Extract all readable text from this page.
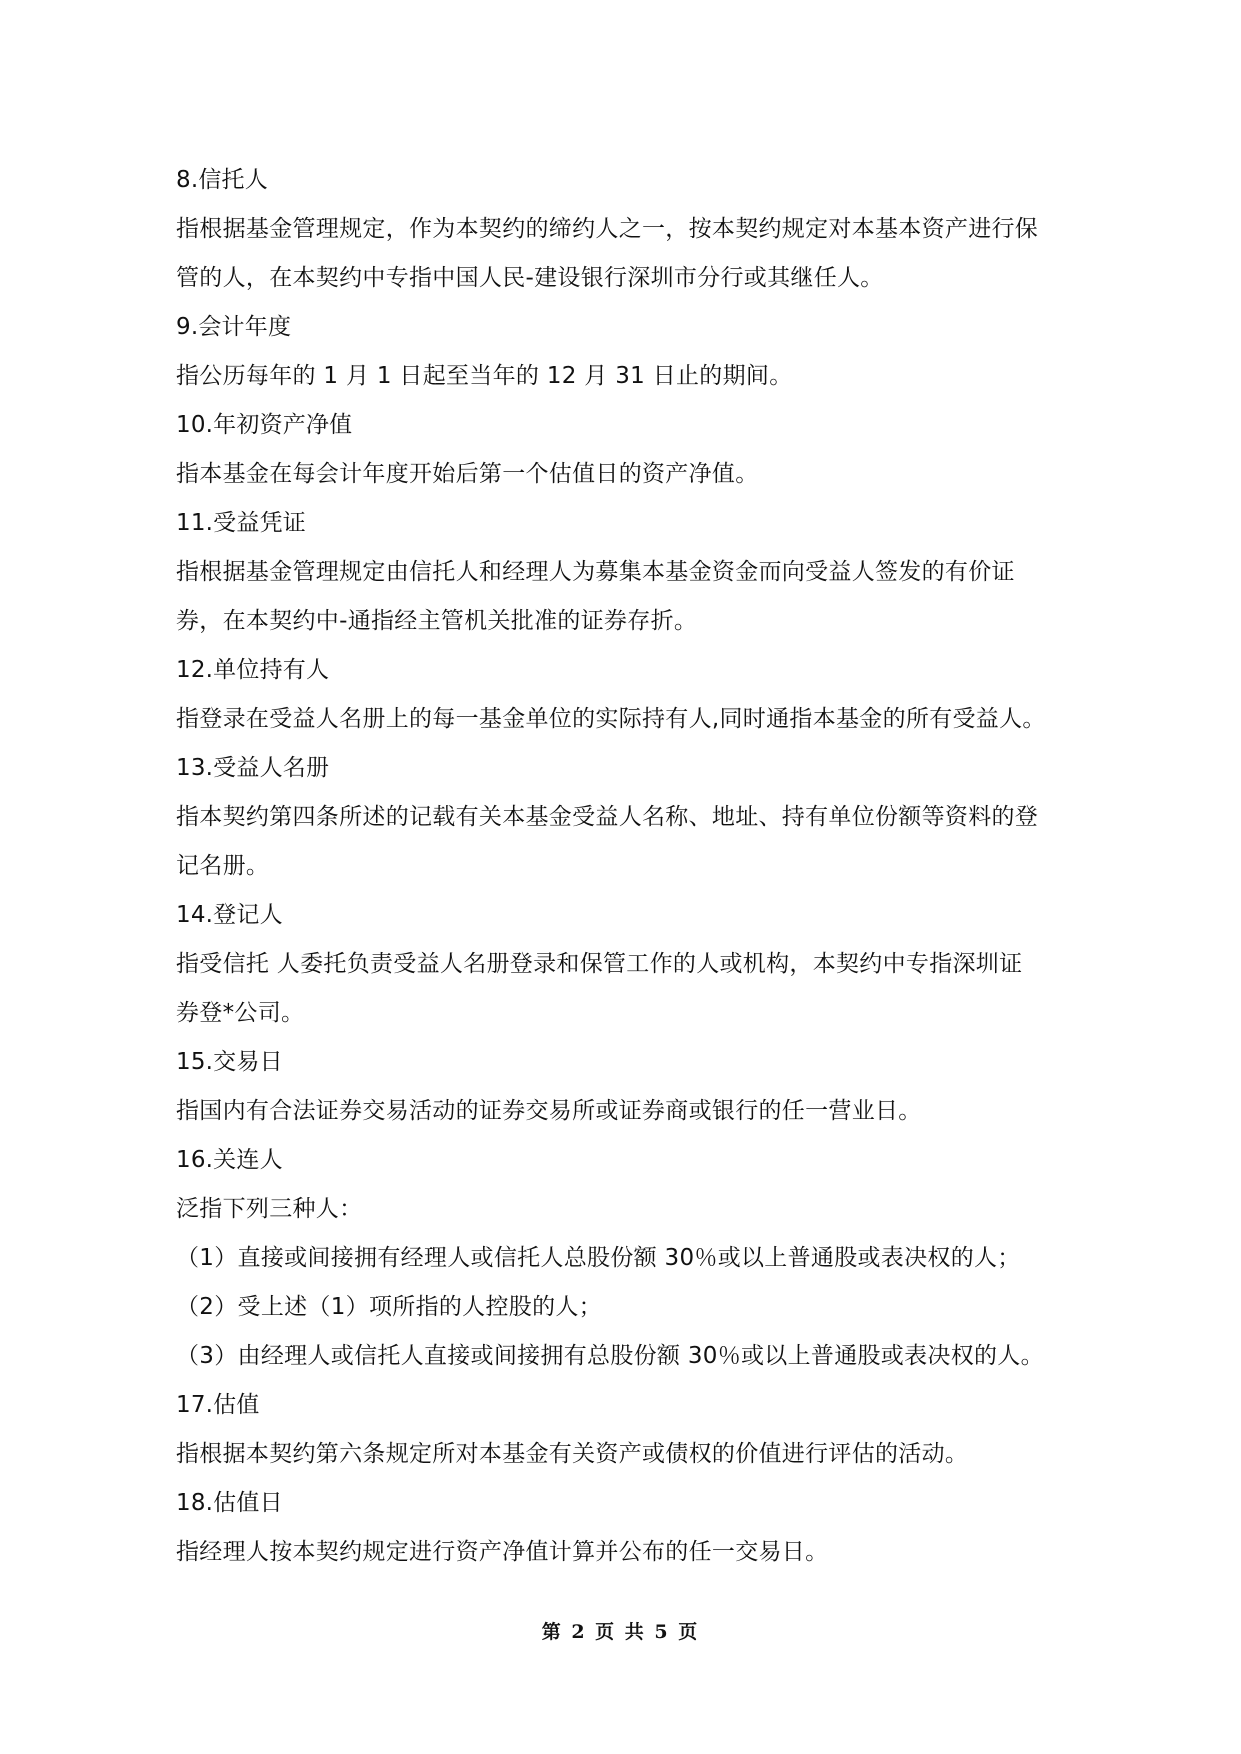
8.信托人
指根据基金管理规定，作为本契约的缔约人之一，按本契约规定对本基本资产进行保
管的人，在本契约中专指中国人民-建设银行深圳市分行或其继任人。
9.会计年度
指公历每年的 1 月 1 日起至当年的 12 月 31 日止的期间。
10.年初资产净值
指本基金在每会计年度开始后第一个估值日的资产净值。
11.受益凭证
指根据基金管理规定由信托人和经理人为募集本基金资金而向受益人签发的有价证
券，在本契约中-通指经主管机关批准的证券存折。
12.单位持有人
指登录在受益人名册上的每一基金单位的实际持有人,同时通指本基金的所有受益人。
13.受益人名册
指本契约第四条所述的记载有关本基金受益人名称、地址、持有单位份额等资料的登
记名册。
14.登记人
指受信托 人委托负责受益人名册登录和保管工作的人或机构，本契约中专指深圳证
券登*公司。
15.交易日
指国内有合法证券交易活动的证券交易所或证券商或银行的任一营业日。
16.关连人
泛指下列三种人：
（1）直接或间接拥有经理人或信托人总股份额 30％或以上普通股或表决权的人；
（2）受上述（1）项所指的人控股的人；
（3）由经理人或信托人直接或间接拥有总股份额 30％或以上普通股或表决权的人。
17.估值
指根据本契约第六条规定所对本基金有关资产或债权的价值进行评估的活动。
18.估值日
指经理人按本契约规定进行资产净值计算并公布的任一交易日。
第 2 页 共 5 页
